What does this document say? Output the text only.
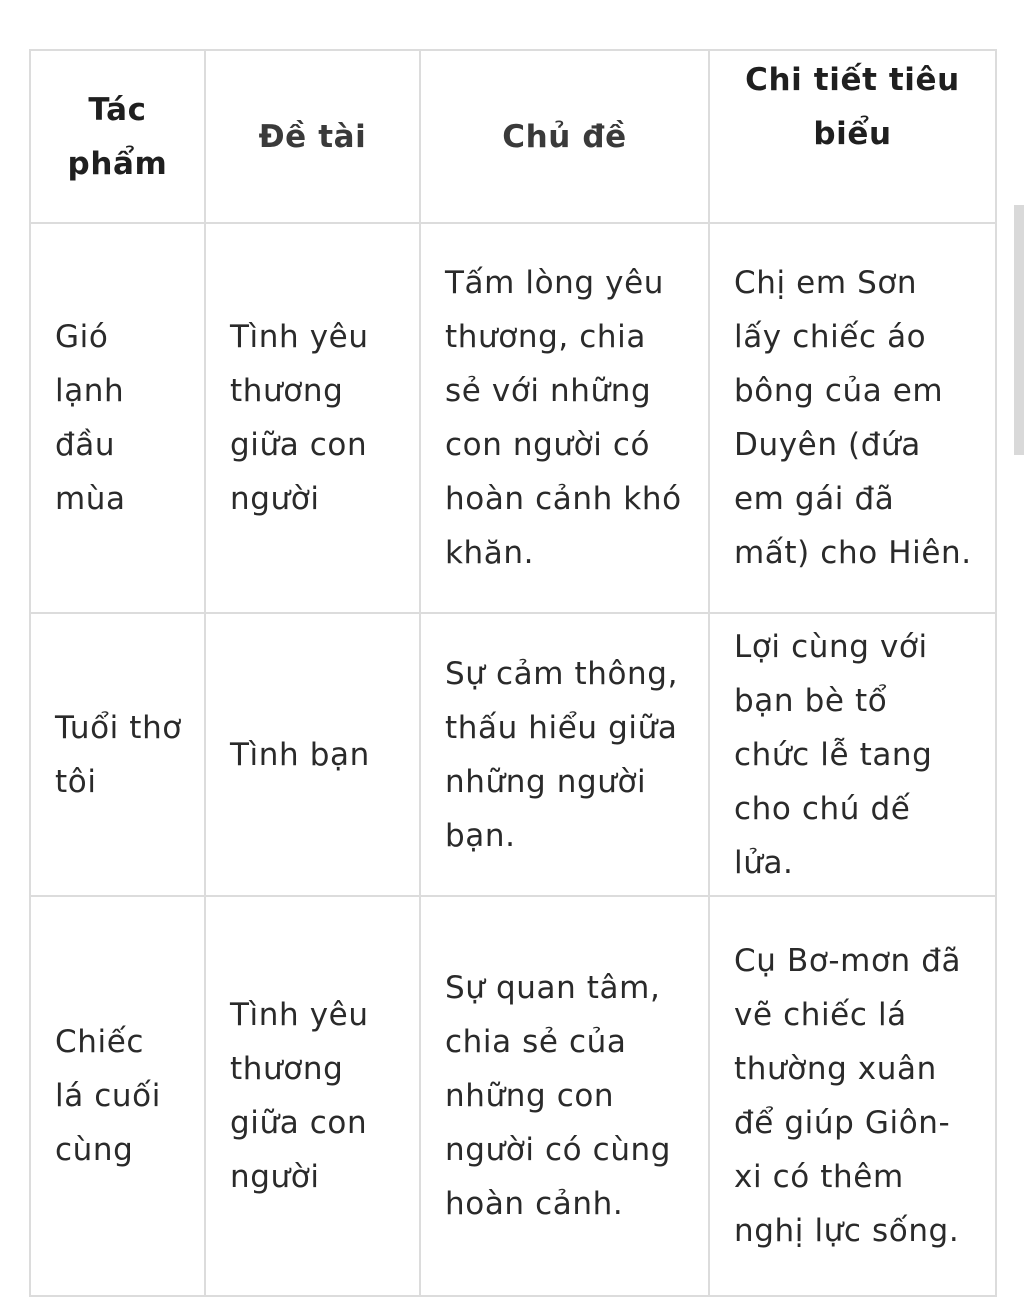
Tác phẩm	Đề tài	Chủ đề	Chi tiết tiêu biểu
Gió lạnh đầu mùa	Tình yêu thương giữa con người	Tấm lòng yêu thương, chia sẻ với những con người có hoàn cảnh khó khăn.	Chị em Sơn lấy chiếc áo bông của em Duyên (đứa em gái đã mất) cho Hiên.
Tuổi thơ tôi	Tình bạn	Sự cảm thông, thấu hiểu giữa những người bạn.	Lợi cùng với bạn bè tổ chức lễ tang cho chú dế lửa.
Chiếc lá cuối cùng	Tình yêu thương giữa con người	Sự quan tâm, chia sẻ của những con người có cùng hoàn cảnh.	Cụ Bơ-mơn đã vẽ chiếc lá thường xuân để giúp Giôn-xi có thêm nghị lực sống.
